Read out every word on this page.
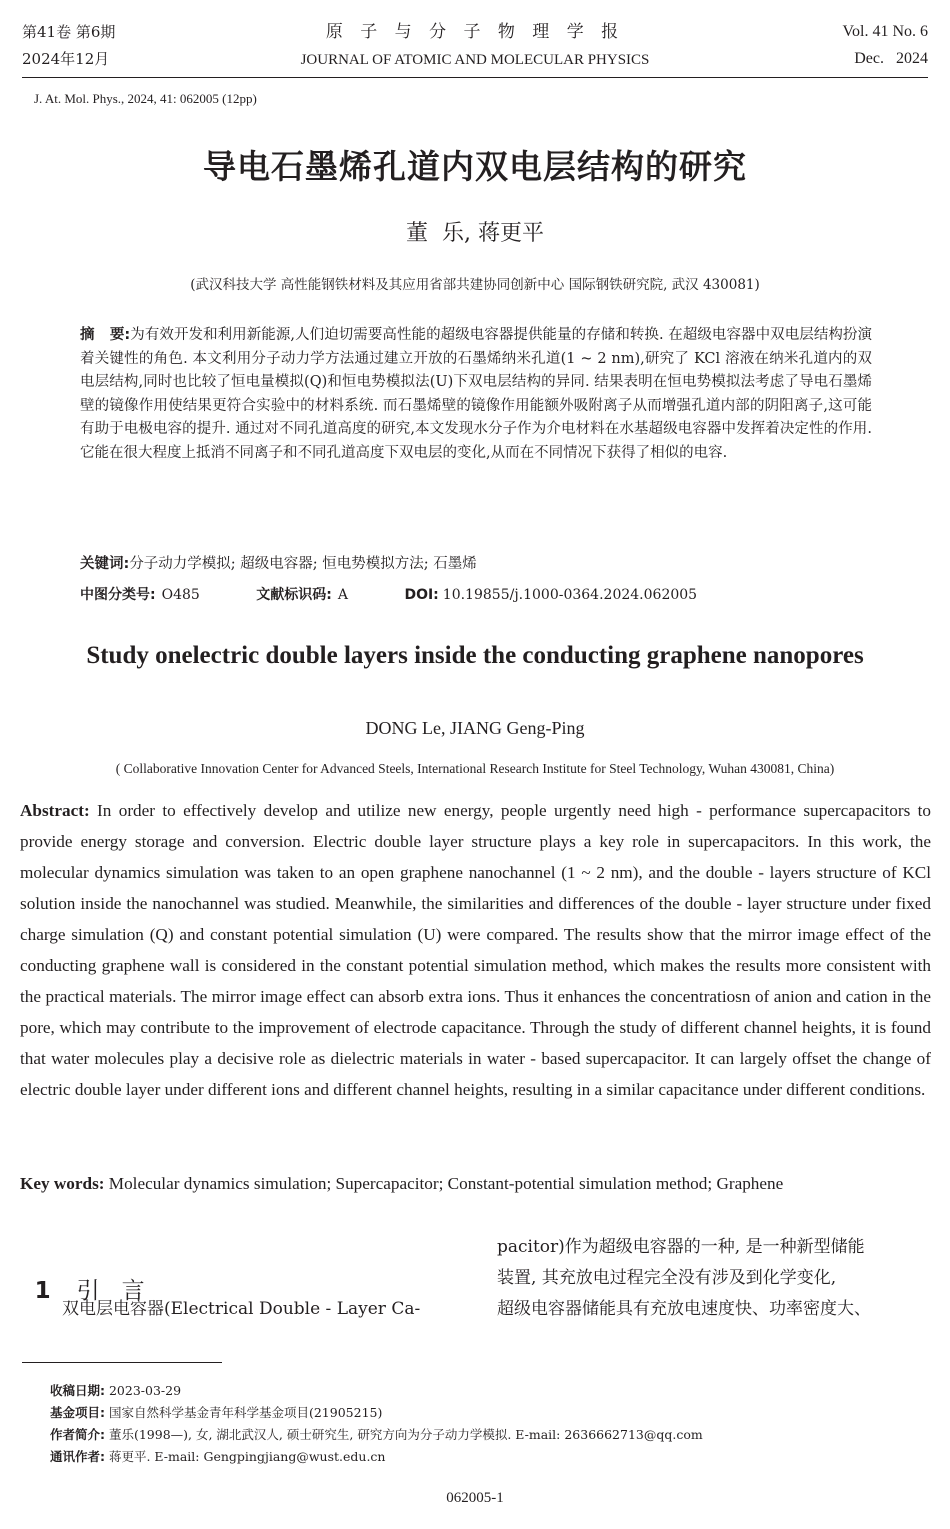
第41卷 第6期
2024年12月
原 子 与 分 子 物 理 学 报
JOURNAL OF ATOMIC AND MOLECULAR PHYSICS
Vol. 41 No. 6
Dec.   2024
J. At. Mol. Phys., 2024, 41: 062005 (12pp)
导电石墨烯孔道内双电层结构的研究
董  乐, 蒋更平
(武汉科技大学 高性能钢铁材料及其应用省部共建协同创新中心 国际钢铁研究院, 武汉 430081)
摘   要:为有效开发和利用新能源,人们迫切需要高性能的超级电容器提供能量的存储和转换. 在超级电容器中双电层结构扮演着关键性的角色. 本文利用分子动力学方法通过建立开放的石墨烯纳米孔道(1 ~ 2 nm),研究了 KCl 溶液在纳米孔道内的双电层结构,同时也比较了恒电量模拟(Q)和恒电势模拟法(U)下双电层结构的异同. 结果表明在恒电势模拟法考虑了导电石墨烯壁的镜像作用使结果更符合实验中的材料系统. 而石墨烯壁的镜像作用能额外吸附离子从而增强孔道内部的阴阳离子,这可能有助于电极电容的提升. 通过对不同孔道高度的研究,本文发现水分子作为介电材料在水基超级电容器中发挥着决定性的作用. 它能在很大程度上抵消不同离子和不同孔道高度下双电层的变化,从而在不同情况下获得了相似的电容.
关键词:分子动力学模拟; 超级电容器; 恒电势模拟方法; 石墨烯
中图分类号: O485	文献标识码: A	DOI: 10.19855/j.1000-0364.2024.062005
Study onelectric double layers inside the conducting graphene nanopores
DONG Le, JIANG Geng-Ping
( Collaborative Innovation Center for Advanced Steels, International Research Institute for Steel Technology, Wuhan 430081, China)
Abstract: In order to effectively develop and utilize new energy, people urgently need high - performance supercapacitors to provide energy storage and conversion. Electric double layer structure plays a key role in supercapacitors. In this work, the molecular dynamics simulation was taken to an open graphene nanochannel (1 ~ 2 nm), and the double - layers structure of KCl solution inside the nanochannel was studied. Meanwhile, the similarities and differences of the double - layer structure under fixed charge simulation (Q) and constant potential simulation (U) were compared. The results show that the mirror image effect of the conducting graphene wall is considered in the constant potential simulation method, which makes the results more consistent with the practical materials. The mirror image effect can absorb extra ions. Thus it enhances the concentratiosn of anion and cation in the pore, which may contribute to the improvement of electrode capacitance. Through the study of different channel heights, it is found that water molecules play a decisive role as dielectric materials in water - based supercapacitor. It can largely offset the change of electric double layer under different ions and different channel heights, resulting in a similar capacitance under different conditions.
Key words: Molecular dynamics simulation; Supercapacitor; Constant-potential simulation method; Graphene

1 引   言

双电层电容器(Electrical Double - Layer Ca-
pacitor)作为超级电容器的一种, 是一种新型储能
装置, 其充放电过程完全没有涉及到化学变化,
超级电容器储能具有充放电速度快、功率密度大、
收稿日期: 2023-03-29
基金项目: 国家自然科学基金青年科学基金项目(21905215)
作者简介: 董乐(1998—), 女, 湖北武汉人, 硕士研究生, 研究方向为分子动力学模拟. E-mail: 2636662713@qq.com
通讯作者: 蒋更平. E-mail: Gengpingjiang@wust.edu.cn
062005-1
